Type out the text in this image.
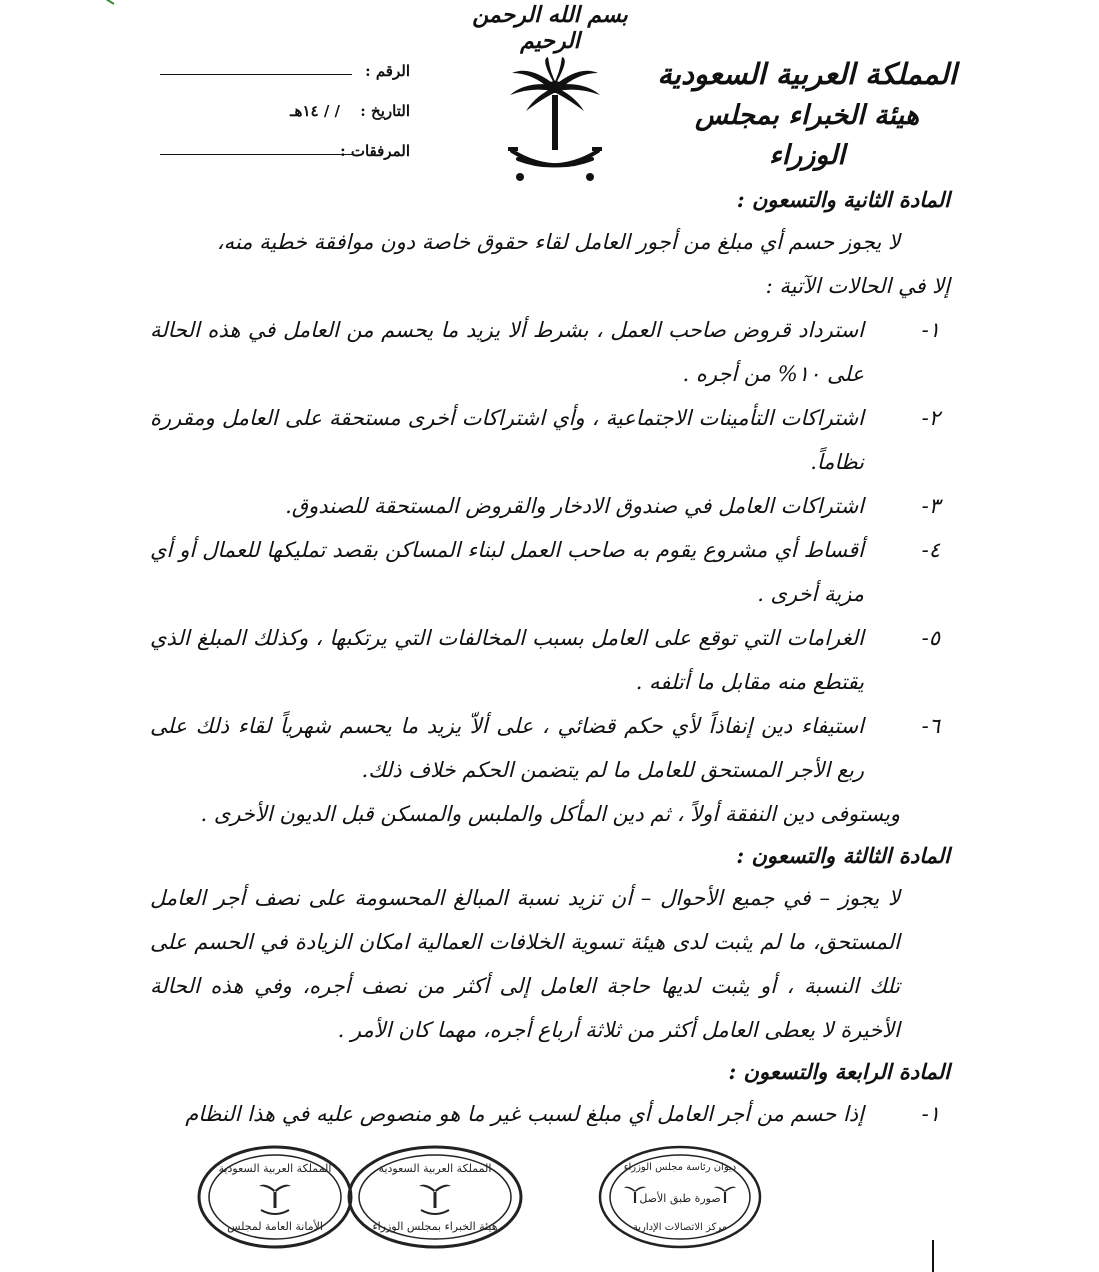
بسم الله الرحمن الرحيم
المملكة العربية السعودية
هيئة الخبراء بمجلس الوزراء
الرقم :
التاريخ :
/ / ١٤هـ
المرفقات :

المادة الثانية والتسعون :

لا يجوز حسم أي مبلغ من أجور العامل لقاء حقوق خاصة دون موافقة خطية منه،

إلا في الحالات الآتية :

١-
استرداد قروض صاحب العمل ، بشرط ألا يزيد ما يحسم من العامل في هذه الحالة على ١٠% من أجره .
٢-
اشتراكات التأمينات الاجتماعية ، وأي اشتراكات أخرى مستحقة على العامل ومقررة نظاماً.
٣-
اشتراكات العامل في صندوق الادخار والقروض المستحقة للصندوق.
٤-
أقساط أي مشروع يقوم به صاحب العمل لبناء المساكن بقصد تمليكها للعمال أو أي مزية أخرى .
٥-
الغرامات التي توقع على العامل بسبب المخالفات التي يرتكبها ، وكذلك المبلغ الذي يقتطع منه مقابل ما أتلفه .
٦-
استيفاء دين إنفاذاً لأي حكم قضائي ، على ألاّ يزيد ما يحسم شهرياً لقاء ذلك على ربع الأجر المستحق للعامل ما لم يتضمن الحكم خلاف ذلك.

ويستوفى دين النفقة أولاً ، ثم دين المأكل والملبس والمسكن قبل الديون الأخرى .

المادة الثالثة والتسعون :

لا يجوز – في جميع الأحوال – أن تزيد نسبة المبالغ المحسومة على نصف أجر العامل المستحق، ما لم يثبت لدى هيئة تسوية الخلافات العمالية امكان الزيادة في الحسم على تلك النسبة ، أو يثبت لديها حاجة العامل إلى أكثر من نصف أجره، وفي هذه الحالة الأخيرة لا يعطى العامل أكثر من ثلاثة أرباع أجره، مهما كان الأمر .

المادة الرابعة والتسعون :

١-
إذا حسم من أجر العامل أي مبلغ لسبب غير ما هو منصوص عليه في هذا النظام
المملكة العربية السعودية
الأمانة العامة لمجلس
المملكة العربية السعودية
هيئة الخبراء بمجلس الوزراء
ديوان رئاسة مجلس الوزراء
صورة طبق الأصل
مركز الاتصالات الإدارية
